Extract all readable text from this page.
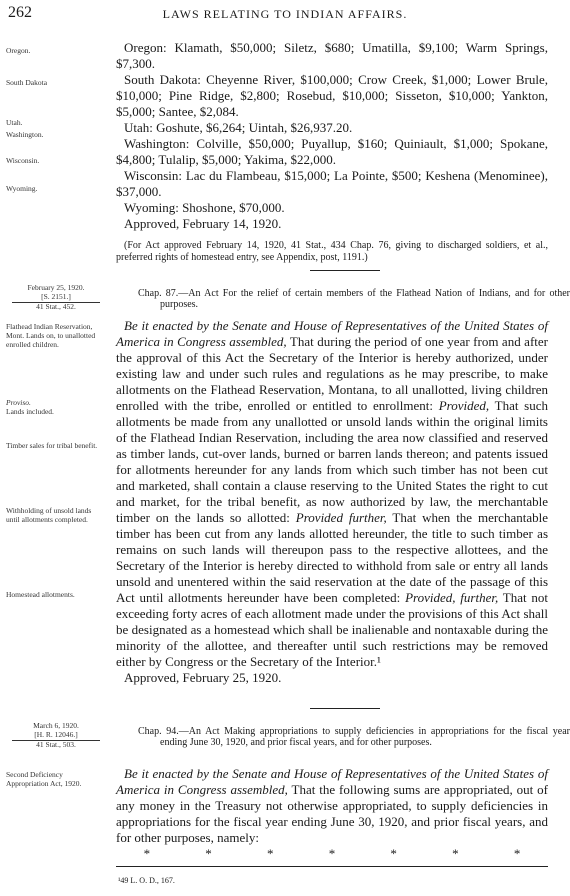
262	LAWS RELATING TO INDIAN AFFAIRS.
Oregon.
South Dakota
Utah.
Washington.
Wisconsin.
Wyoming.

Oregon: Klamath, $50,000; Siletz, $680; Umatilla, $9,100; Warm Springs, $7,300.

South Dakota: Cheyenne River, $100,000; Crow Creek, $1,000; Lower Brule, $10,000; Pine Ridge, $2,800; Rosebud, $10,000; Sisseton, $10,000; Yankton, $5,000; Santee, $2,084.

Utah: Goshute, $6,264; Uintah, $26,937.20.

Washington: Colville, $50,000; Puyallup, $160; Quiniault, $1,000; Spokane, $4,800; Tulalip, $5,000; Yakima, $22,000.

Wisconsin: Lac du Flambeau, $15,000; La Pointe, $500; Keshena (Menominee), $37,000.

Wyoming: Shoshone, $70,000.

Approved, February 14, 1920.

(For Act approved February 14, 1920, 41 Stat., 434 Chap. 76, giving to discharged soldiers, et al., preferred rights of homestead entry, see Appendix, post, 1191.)

February 25, 1920.
[S. 2151.]
41 Stat., 452.
Chap. 87.—An Act For the relief of certain members of the Flathead Nation of Indians, and for other purposes.
Flathead Indian Reservation, Mont. Lands on, to unallotted enrolled children.
Proviso.
Lands included.
Timber sales for tribal benefit.
Withholding of unsold lands until allotments completed.
Homestead allotments.

Be it enacted by the Senate and House of Representatives of the United States of America in Congress assembled, That during the period of one year from and after the approval of this Act the Secretary of the Interior is hereby authorized, under existing law and under such rules and regulations as he may prescribe, to make allotments on the Flathead Reservation, Montana, to all unallotted, living children enrolled with the tribe, enrolled or entitled to enrollment: Provided, That such allotments be made from any unallotted or unsold lands within the original limits of the Flathead Indian Reservation, including the area now classified and reserved as timber lands, cut-over lands, burned or barren lands thereon; and patents issued for allotments hereunder for any lands from which such timber has not been cut and marketed, shall contain a clause reserving to the United States the right to cut and market, for the tribal benefit, as now authorized by law, the merchantable timber on the lands so allotted: Provided further, That when the merchantable timber has been cut from any lands allotted hereunder, the title to such timber as remains on such lands will thereupon pass to the respective allottees, and the Secretary of the Interior is hereby directed to withhold from sale or entry all lands unsold and unentered within the said reservation at the date of the passage of this Act until allotments hereunder have been completed: Provided, further, That not exceeding forty acres of each allotment made under the provisions of this Act shall be designated as a homestead which shall be inalienable and nontaxable during the minority of the allottee, and thereafter until such restrictions may be removed either by Congress or the Secretary of the Interior.¹

Approved, February 25, 1920.

March 6, 1920.
[H. R. 12046.]
41 Stat., 503.
Chap. 94.—An Act Making appropriations to supply deficiencies in appropriations for the fiscal year ending June 30, 1920, and prior fiscal years, and for other purposes.
Second Deficiency Appropriation Act, 1920.

Be it enacted by the Senate and House of Representatives of the United States of America in Congress assembled, That the following sums are appropriated, out of any money in the Treasury not otherwise appropriated, to supply deficiencies in appropriations for the fiscal year ending June 30, 1920, and prior fiscal years, and for other purposes, namely:

*	*	*	*	*	*	*
¹49 L. O. D., 167.
